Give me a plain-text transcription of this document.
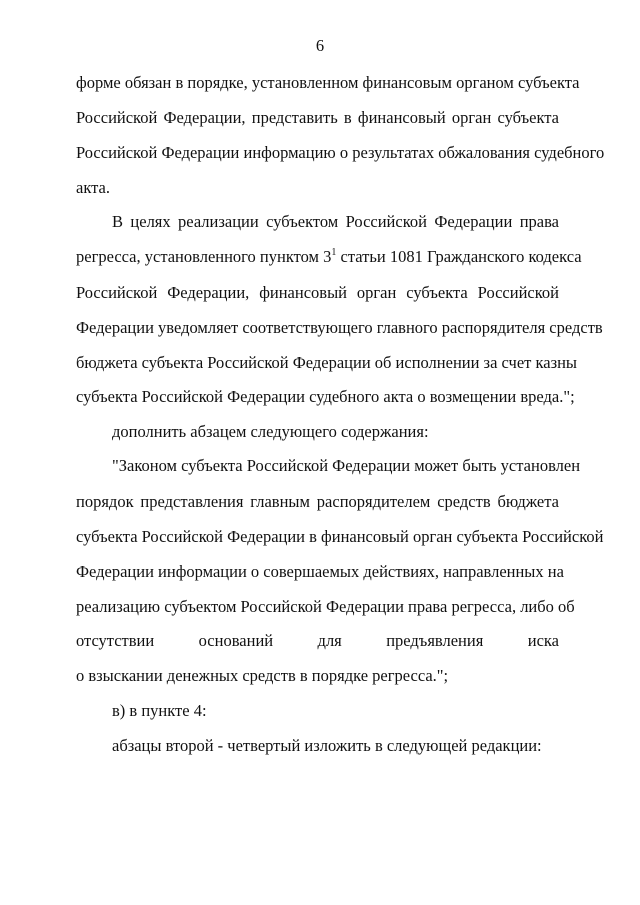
6
форме обязан в порядке, установленном финансовым органом субъекта
Российской Федерации, представить в финансовый орган субъекта
Российской Федерации информацию о результатах обжалования судебного
акта.
В целях реализации субъектом Российской Федерации права
регресса, установленного пунктом $3^1$ статьи 1081 Гражданского кодекса
Российской Федерации, финансовый орган субъекта Российской
Федерации уведомляет соответствующего главного распорядителя средств
бюджета субъекта Российской Федерации об исполнении за счет казны
субъекта Российской Федерации судебного акта о возмещении вреда.";
дополнить абзацем следующего содержания:
"Законом субъекта Российской Федерации может быть установлен
порядок представления главным распорядителем средств бюджета
субъекта Российской Федерации в финансовый орган субъекта Российской
Федерации информации о совершаемых действиях, направленных на
реализацию субъектом Российской Федерации права регресса, либо об
отсутствии оснований для предъявления иска
о взыскании денежных средств в порядке регресса.";
в) в пункте 4:
абзацы второй - четвертый изложить в следующей редакции:
